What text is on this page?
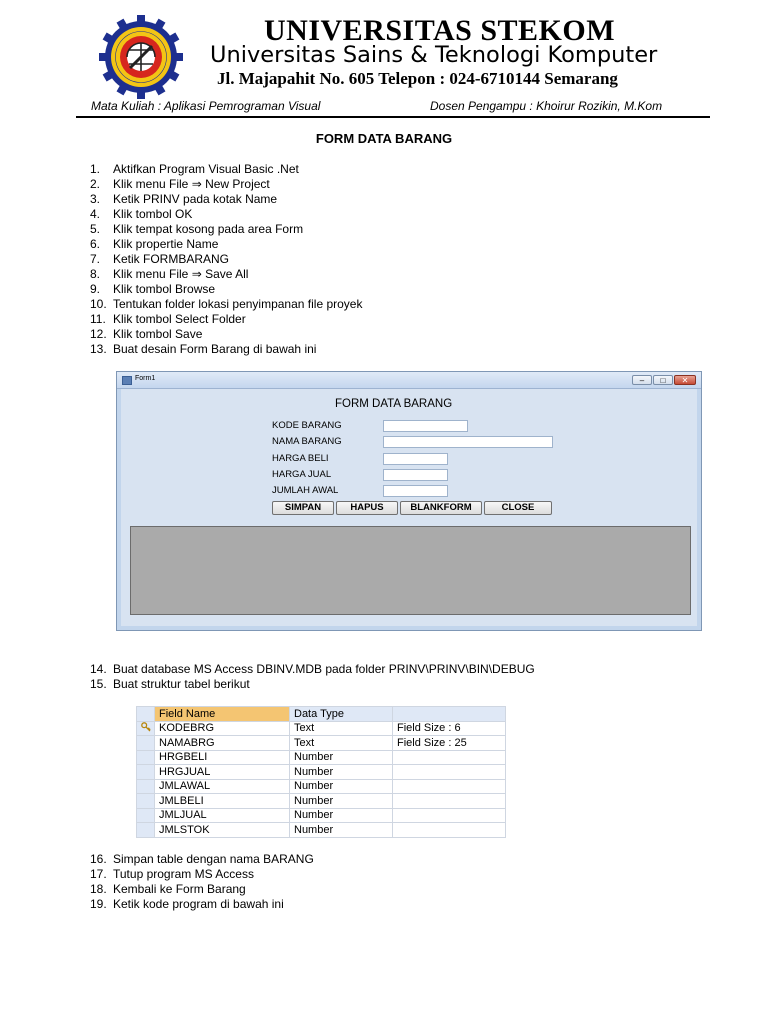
UNIVERSITAS STEKOM
Universitas Sains & Teknologi Komputer
Jl. Majapahit No. 605 Telepon : 024-6710144 Semarang
Mata Kuliah : Aplikasi Pemrograman Visual	Dosen Pengampu : Khoirur Rozikin, M.Kom
FORM DATA BARANG
1. Aktifkan Program Visual Basic .Net
2. Klik menu File ⇒ New Project
3. Ketik PRINV pada kotak Name
4. Klik tombol OK
5. Klik tempat kosong pada area Form
6. Klik propertie Name
7. Ketik FORMBARANG
8. Klik menu File ⇒ Save All
9. Klik tombol Browse
10. Tentukan folder lokasi penyimpanan file proyek
11. Klik tombol Select Folder
12. Klik tombol Save
13. Buat desain Form Barang di bawah ini
Form1	–	□	✕
FORM DATA BARANG
KODE BARANG
NAMA BARANG
HARGA BELI
HARGA JUAL
JUMLAH AWAL
SIMPAN	HAPUS	BLANKFORM	CLOSE
14. Buat database MS Access DBINV.MDB pada folder PRINV\PRINV\BIN\DEBUG
15. Buat struktur tabel berikut
	Field Name	Data Type	
	KODEBRG	Text	Field Size : 6
	NAMABRG	Text	Field Size : 25
	HRGBELI	Number	
	HRGJUAL	Number	
	JMLAWAL	Number	
	JMLBELI	Number	
	JMLJUAL	Number	
	JMLSTOK	Number	
16. Simpan table dengan nama BARANG
17. Tutup program MS Access
18. Kembali ke Form Barang
19. Ketik kode program di bawah ini
